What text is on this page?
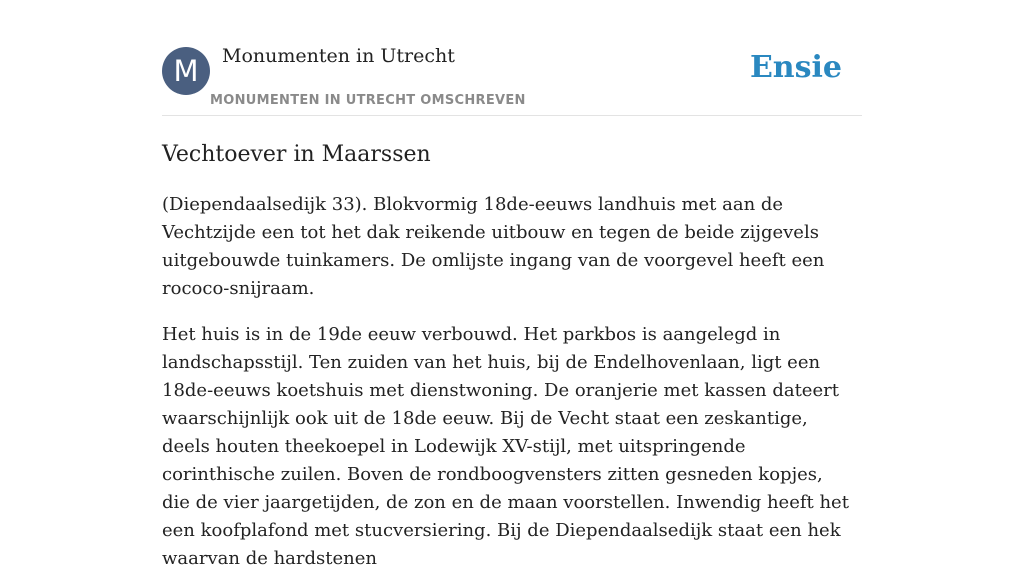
M	Monumenten in Utrecht
MONUMENTEN IN UTRECHT OMSCHREVEN
Ensie
Vechtoever in Maarssen

(Diependaalsedijk 33). Blokvormig 18de-eeuws landhuis met aan de Vechtzijde een tot het dak reikende uitbouw en tegen de beide zijgevels uitgebouwde tuinkamers. De omlijste ingang van de voorgevel heeft een rococo-snijraam.

Het huis is in de 19de eeuw verbouwd. Het parkbos is aangelegd in landschapsstijl. Ten zuiden van het huis, bij de Endelhovenlaan, ligt een 18de-eeuws koetshuis met dienstwoning. De oranjerie met kassen dateert waarschijnlijk ook uit de 18de eeuw. Bij de Vecht staat een zeskantige, deels houten theekoepel in Lodewijk XV-stijl, met uitspringende corinthische zuilen. Boven de rondboogvensters zitten gesneden kopjes, die de vier jaargetijden, de zon en de maan voorstellen. Inwendig heeft het een koofplafond met stucversiering. Bij de Diependaalsedijk staat een hek waarvan de hardstenen
